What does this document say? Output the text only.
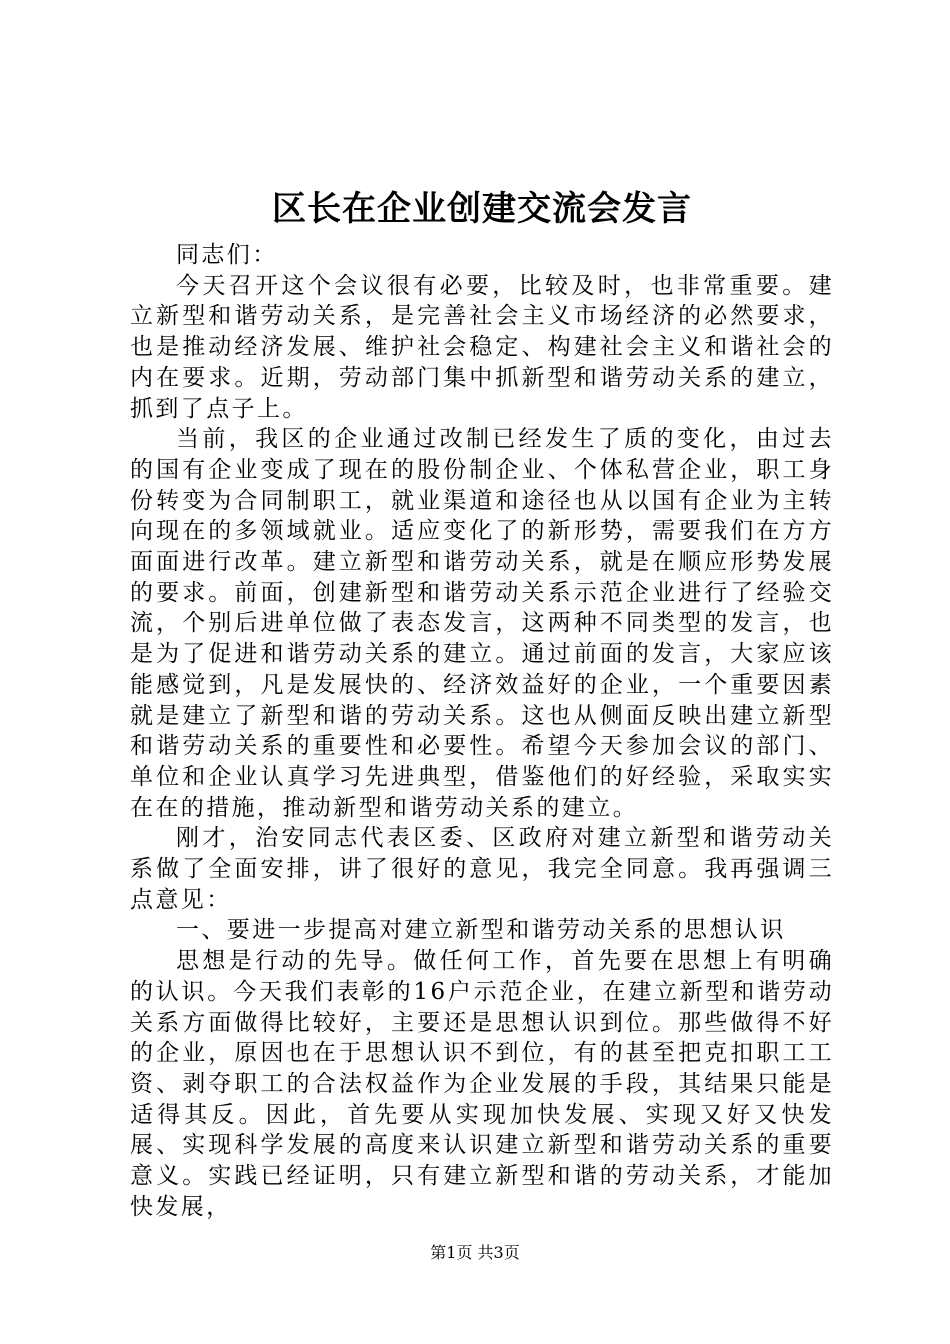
区长在企业创建交流会发言

同志们：

今天召开这个会议很有必要，比较及时，也非常重要。建立新型和谐劳动关系，是完善社会主义市场经济的必然要求，也是推动经济发展、维护社会稳定、构建社会主义和谐社会的内在要求。近期，劳动部门集中抓新型和谐劳动关系的建立，抓到了点子上。

当前，我区的企业通过改制已经发生了质的变化，由过去的国有企业变成了现在的股份制企业、个体私营企业，职工身份转变为合同制职工，就业渠道和途径也从以国有企业为主转向现在的多领域就业。适应变化了的新形势，需要我们在方方面面进行改革。建立新型和谐劳动关系，就是在顺应形势发展的要求。前面，创建新型和谐劳动关系示范企业进行了经验交流，个别后进单位做了表态发言，这两种不同类型的发言，也是为了促进和谐劳动关系的建立。通过前面的发言，大家应该能感觉到，凡是发展快的、经济效益好的企业，一个重要因素就是建立了新型和谐的劳动关系。这也从侧面反映出建立新型和谐劳动关系的重要性和必要性。希望今天参加会议的部门、单位和企业认真学习先进典型，借鉴他们的好经验，采取实实在在的措施，推动新型和谐劳动关系的建立。

刚才，治安同志代表区委、区政府对建立新型和谐劳动关系做了全面安排，讲了很好的意见，我完全同意。我再强调三点意见：

一、要进一步提高对建立新型和谐劳动关系的思想认识

思想是行动的先导。做任何工作，首先要在思想上有明确的认识。今天我们表彰的16户示范企业，在建立新型和谐劳动关系方面做得比较好，主要还是思想认识到位。那些做得不好的企业，原因也在于思想认识不到位，有的甚至把克扣职工工资、剥夺职工的合法权益作为企业发展的手段，其结果只能是适得其反。因此，首先要从实现加快发展、实现又好又快发展、实现科学发展的高度来认识建立新型和谐劳动关系的重要意义。实践已经证明，只有建立新型和谐的劳动关系，才能加快发展，

第1页 共3页
